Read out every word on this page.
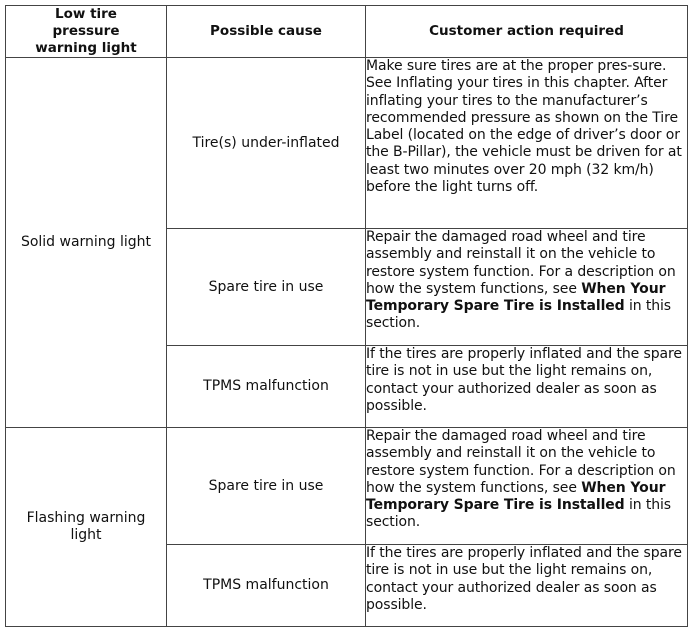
Low tire pressure warning light	Possible cause	Customer action required
Solid warning light	Tire(s) under-inflated	Make sure tires are at the proper pres-sure. See Inflating your tires in this chapter. After inflating your tires to the manufacturer’s recommended pressure as shown on the Tire Label (located on the edge of driver’s door or the B-Pillar), the vehicle must be driven for at least two minutes over 20 mph (32 km/h) before the light turns off.
	Spare tire in use	Repair the damaged road wheel and tire assembly and reinstall it on the vehicle to restore system function. For a description on how the system functions, see When Your Temporary Spare Tire is Installed in this section.
	TPMS malfunction	If the tires are properly inflated and the spare tire is not in use but the light remains on, contact your authorized dealer as soon as possible.
Flashing warning light	Spare tire in use	Repair the damaged road wheel and tire assembly and reinstall it on the vehicle to restore system function. For a description on how the system functions, see When Your Temporary Spare Tire is Installed in this section.
	TPMS malfunction	If the tires are properly inflated and the spare tire is not in use but the light remains on, contact your authorized dealer as soon as possible.
